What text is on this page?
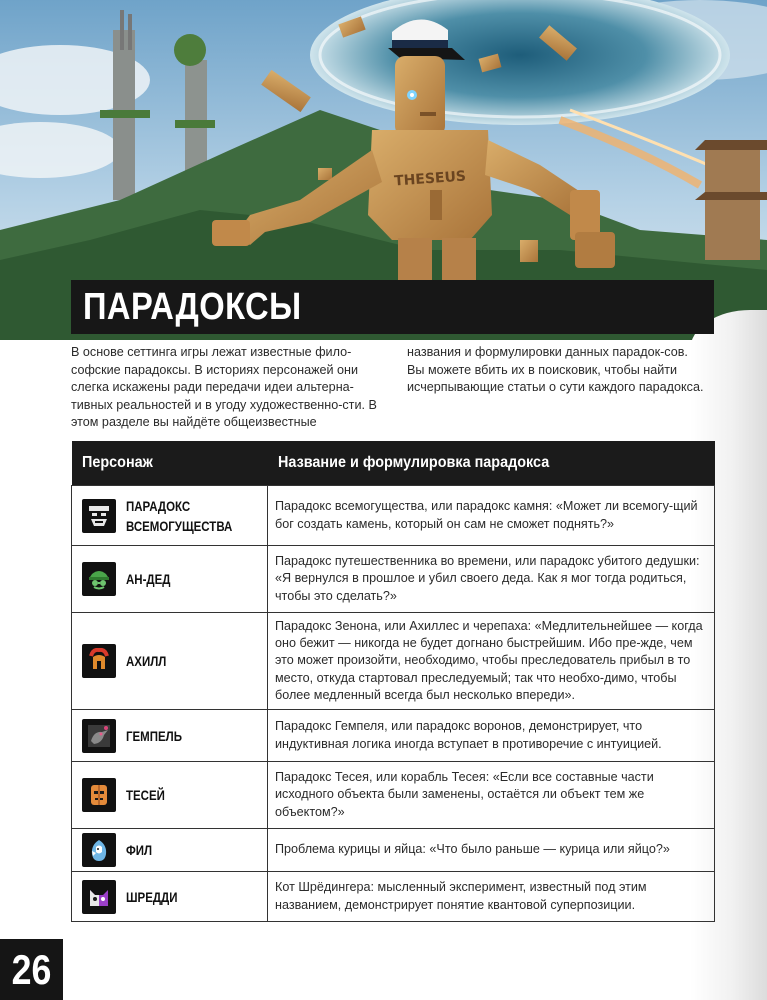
THESEUS
ПАРАДОКСЫ

В основе сеттинга игры лежат известные фило-софские парадоксы. В историях персонажей они слегка искажены ради передачи идеи альтерна-тивных реальностей и в угоду художественно-сти. В этом разделе вы найдёте общеизвестные

названия и формулировки данных парадок-сов. Вы можете вбить их в поисковик, чтобы найти исчерпывающие статьи о сути каждого парадокса.

Персонаж	Название и формулировка парадокса

ПАРАДОКС
ВСЕМОГУЩЕСТВА	Парадокс всемогущества, или парадокс камня: «Может ли всемогу-щий бог создать камень, который он сам не сможет поднять?»

АН-ДЕД	Парадокс путешественника во времени, или парадокс убитого дедушки: «Я вернулся в прошлое и убил своего деда. Как я мог тогда родиться, чтобы это сделать?»

АХИЛЛ	Парадокс Зенона, или Ахиллес и черепаха: «Медлительнейшее — когда оно бежит — никогда не будет догнано быстрейшим. Ибо пре-жде, чем это может произойти, необходимо, чтобы преследователь прибыл в то место, откуда стартовал преследуемый; так что необхо-димо, чтобы более медленный всегда был несколько впереди».

ГЕМПЕЛЬ	Парадокс Гемпеля, или парадокс воронов, демонстрирует, что индуктивная логика иногда вступает в противоречие с интуицией.

ТЕСЕЙ	Парадокс Тесея, или корабль Тесея: «Если все составные части исходного объекта были заменены, остаётся ли объект тем же объектом?»

ФИЛ	Проблема курицы и яйца: «Что было раньше — курица или яйцо?»

ШРЕДДИ	Кот Шрёдингера: мысленный эксперимент, известный под этим названием, демонстрирует понятие квантовой суперпозиции.
26
